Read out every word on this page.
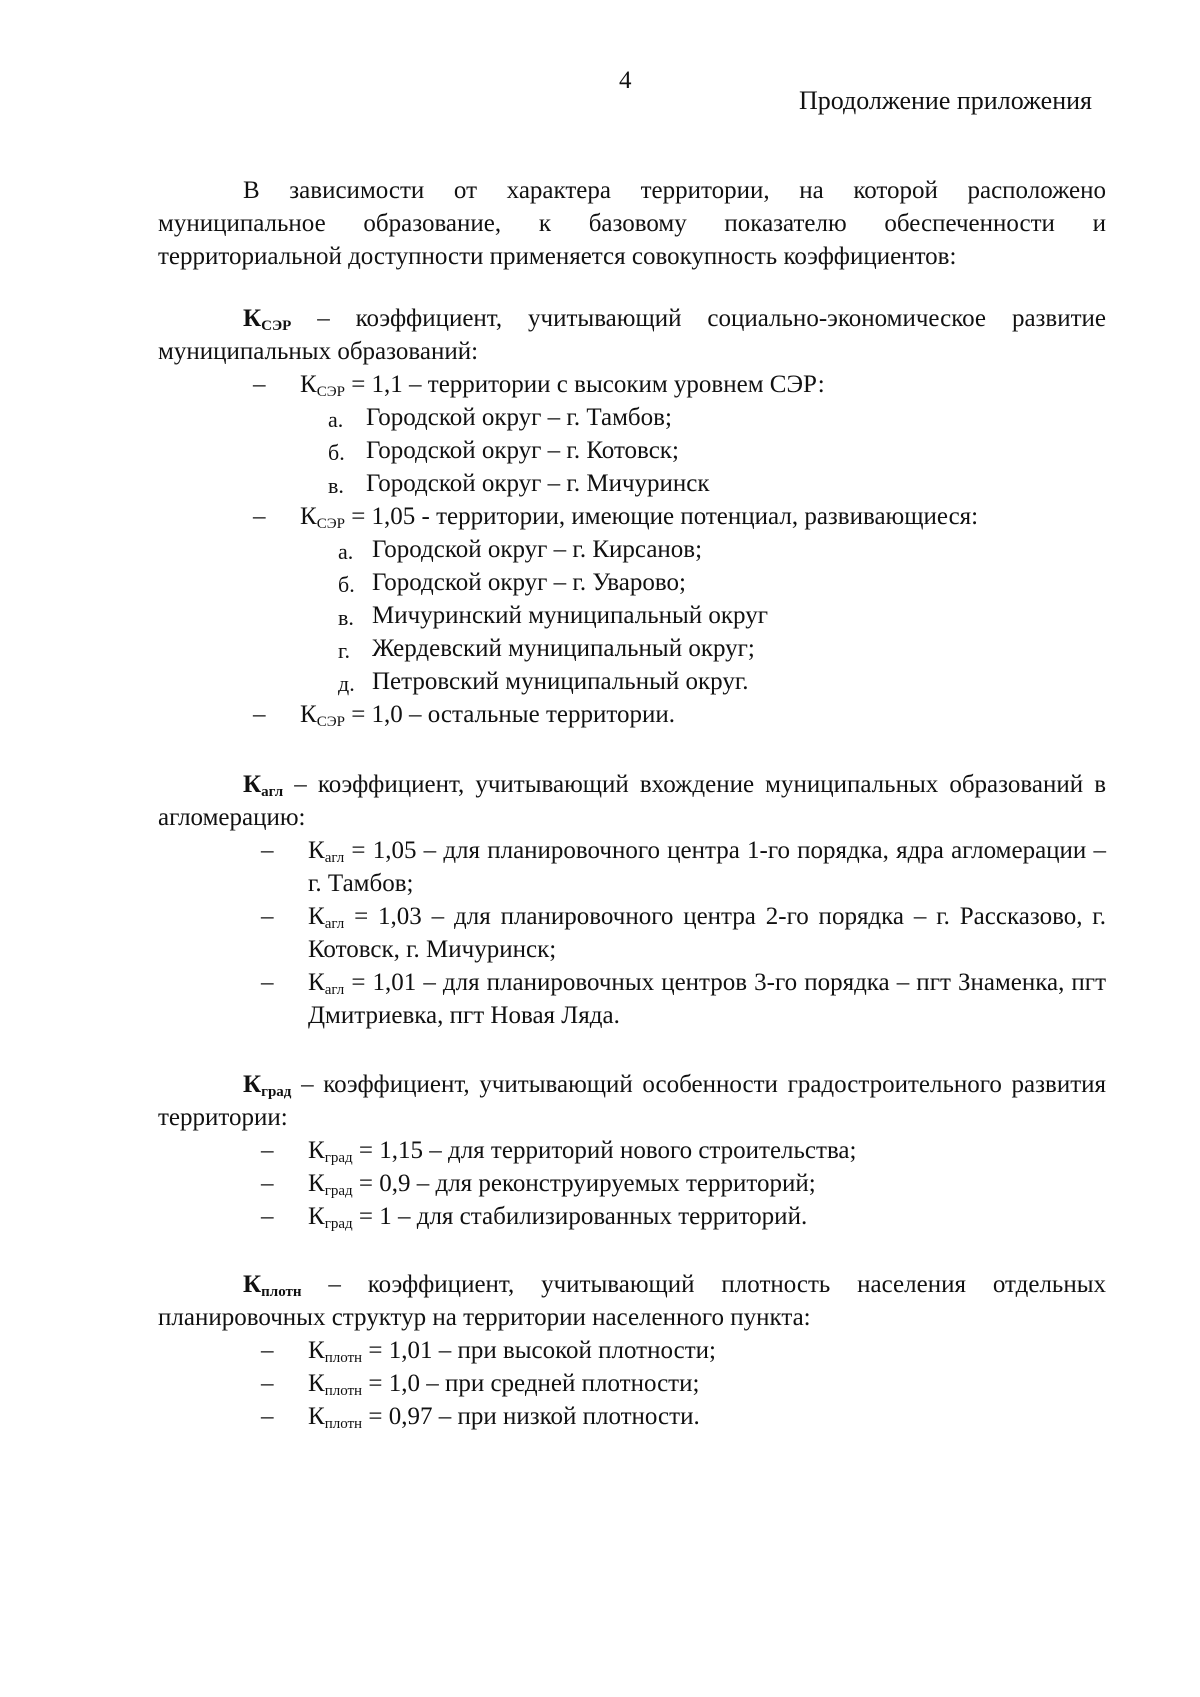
4
Продолжение приложения
В зависимости от характера территории, на которой расположено муниципальное образование, к базовому показателю обеспеченности и территориальной доступности применяется совокупность коэффициентов:
$К_{СЭР}$ – коэффициент, учитывающий социально-экономическое развитие муниципальных образований:
– $К_{СЭР} = 1,1$ – территории с высоким уровнем СЭР:
а. Городской округ – г. Тамбов;
б. Городской округ – г. Котовск;
в. Городской округ – г. Мичуринск
– $К_{СЭР} = 1,05$ - территории, имеющие потенциал, развивающиеся:
а. Городской округ – г. Кирсанов;
б. Городской округ – г. Уварово;
в. Мичуринский муниципальный округ
г. Жердевский муниципальный округ;
д. Петровский муниципальный округ.
– $К_{СЭР} = 1,0$ – остальные территории.
$К_{агл}$ – коэффициент, учитывающий вхождение муниципальных образований в агломерацию:
– $К_{агл} = 1,05$ – для планировочного центра 1-го порядка, ядра агломерации – г. Тамбов;
– $К_{агл} = 1,03$ – для планировочного центра 2-го порядка – г. Рассказово, г. Котовск, г. Мичуринск;
– $К_{агл} = 1,01$ – для планировочных центров 3-го порядка – пгт Знаменка, пгт Дмитриевка, пгт Новая Ляда.
$К_{град}$ – коэффициент, учитывающий особенности градостроительного развития территории:
– $К_{град} = 1,15$ – для территорий нового строительства;
– $К_{град} = 0,9$ – для реконструируемых территорий;
– $К_{град} = 1$ – для стабилизированных территорий.
$К_{плотн}$ – коэффициент, учитывающий плотность населения отдельных планировочных структур на территории населенного пункта:
– $К_{плотн} = 1,01$ – при высокой плотности;
– $К_{плотн} = 1,0$ – при средней плотности;
– $К_{плотн} = 0,97$ – при низкой плотности.
